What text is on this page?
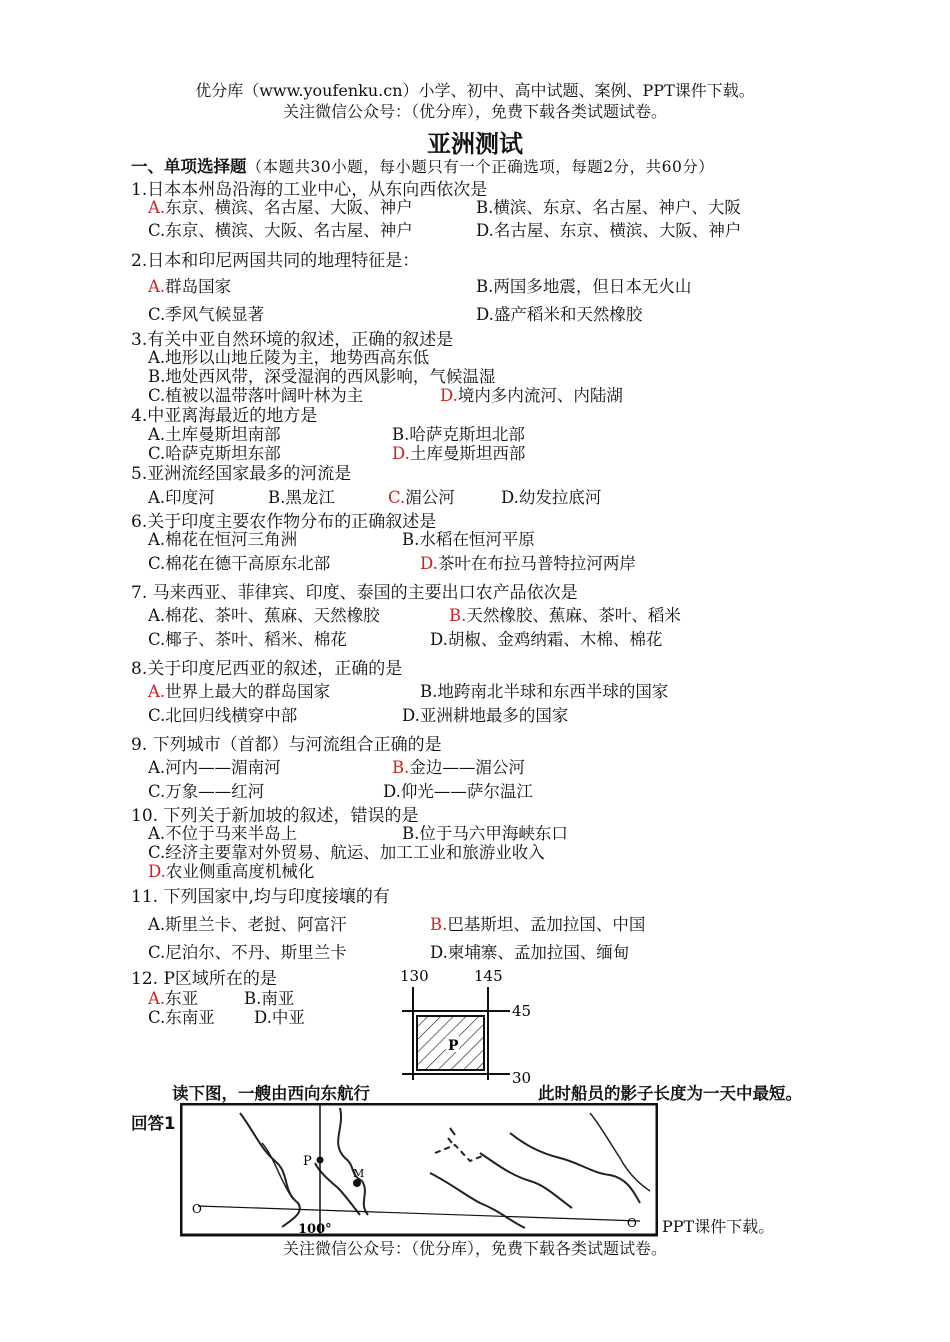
优分库（www.youfenku.cn）小学、初中、高中试题、案例、PPT课件下载。
关注微信公众号：（优分库），免费下载各类试题试卷。
亚洲测试
一、单项选择题（本题共30小题，每小题只有一个正确选项，每题2分，共60分）
1.日本本州岛沿海的工业中心，从东向西依次是
A.东京、横滨、名古屋、大阪、神户	B.横滨、东京、名古屋、神户、大阪
C.东京、横滨、大阪、名古屋、神户	D.名古屋、东京、横滨、大阪、神户
2.日本和印尼两国共同的地理特征是：
A.群岛国家	B.两国多地震，但日本无火山
C.季风气候显著	D.盛产稻米和天然橡胶
3.有关中亚自然环境的叙述，正确的叙述是
A.地形以山地丘陵为主，地势西高东低
B.地处西风带，深受湿润的西风影响，气候温湿
C.植被以温带落叶阔叶林为主	D.境内多内流河、内陆湖
4.中亚离海最近的地方是
A.土库曼斯坦南部	B.哈萨克斯坦北部
C.哈萨克斯坦东部	D.土库曼斯坦西部
5.亚洲流经国家最多的河流是
A.印度河	B.黑龙江	C.湄公河	D.幼发拉底河
6.关于印度主要农作物分布的正确叙述是
A.棉花在恒河三角洲	B.水稻在恒河平原
C.棉花在德干高原东北部	D.茶叶在布拉马普特拉河两岸
7. 马来西亚、菲律宾、印度、泰国的主要出口农产品依次是
A.棉花、茶叶、蕉麻、天然橡胶	B.天然橡胶、蕉麻、茶叶、稻米
C.椰子、茶叶、稻米、棉花	D.胡椒、金鸡纳霜、木棉、棉花
8.关于印度尼西亚的叙述，正确的是
A.世界上最大的群岛国家	B.地跨南北半球和东西半球的国家
C.北回归线横穿中部	D.亚洲耕地最多的国家
9. 下列城市（首都）与河流组合正确的是
A.河内——湄南河	B.金边——湄公河
C.万象——红河	D.仰光——萨尔温江
10. 下列关于新加坡的叙述，错误的是
A.不位于马来半岛上	B.位于马六甲海峡东口
C.经济主要靠对外贸易、航运、加工工业和旅游业收入
D.农业侧重高度机械化
11. 下列国家中,均与印度接壤的有
A.斯里兰卡、老挝、阿富汗	B.巴基斯坦、孟加拉国、中国
C.尼泊尔、不丹、斯里兰卡	D.柬埔寨、孟加拉国、缅甸
12. P区域所在的是
A.东亚	B.南亚
C.东南亚 D.中亚
130	145
45
30
P
读下图，一艘由西向东航行	此时船员的影子长度为一天中最短。
回答1
PPT课件下载。
关注微信公众号：（优分库），免费下载各类试题试卷。
P
M
O
O
100°
